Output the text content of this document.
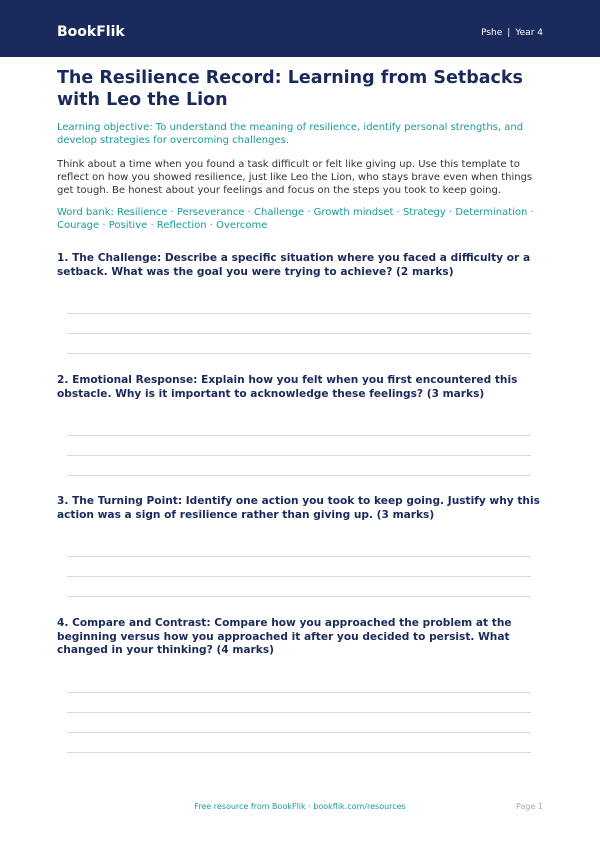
BookFlik	Pshe | Year 4
The Resilience Record: Learning from Setbacks with Leo the Lion
Learning objective: To understand the meaning of resilience, identify personal strengths, and develop strategies for overcoming challenges.
Think about a time when you found a task difficult or felt like giving up. Use this template to reflect on how you showed resilience, just like Leo the Lion, who stays brave even when things get tough. Be honest about your feelings and focus on the steps you took to keep going.
Word bank: Resilience · Perseverance · Challenge · Growth mindset · Strategy · Determination · Courage · Positive · Reflection · Overcome
1. The Challenge: Describe a specific situation where you faced a difficulty or a setback. What was the goal you were trying to achieve? (2 marks)
2. Emotional Response: Explain how you felt when you first encountered this obstacle. Why is it important to acknowledge these feelings? (3 marks)
3. The Turning Point: Identify one action you took to keep going. Justify why this action was a sign of resilience rather than giving up. (3 marks)
4. Compare and Contrast: Compare how you approached the problem at the beginning versus how you approached it after you decided to persist. What changed in your thinking? (4 marks)
Free resource from BookFlik · bookflik.com/resources	Page 1
